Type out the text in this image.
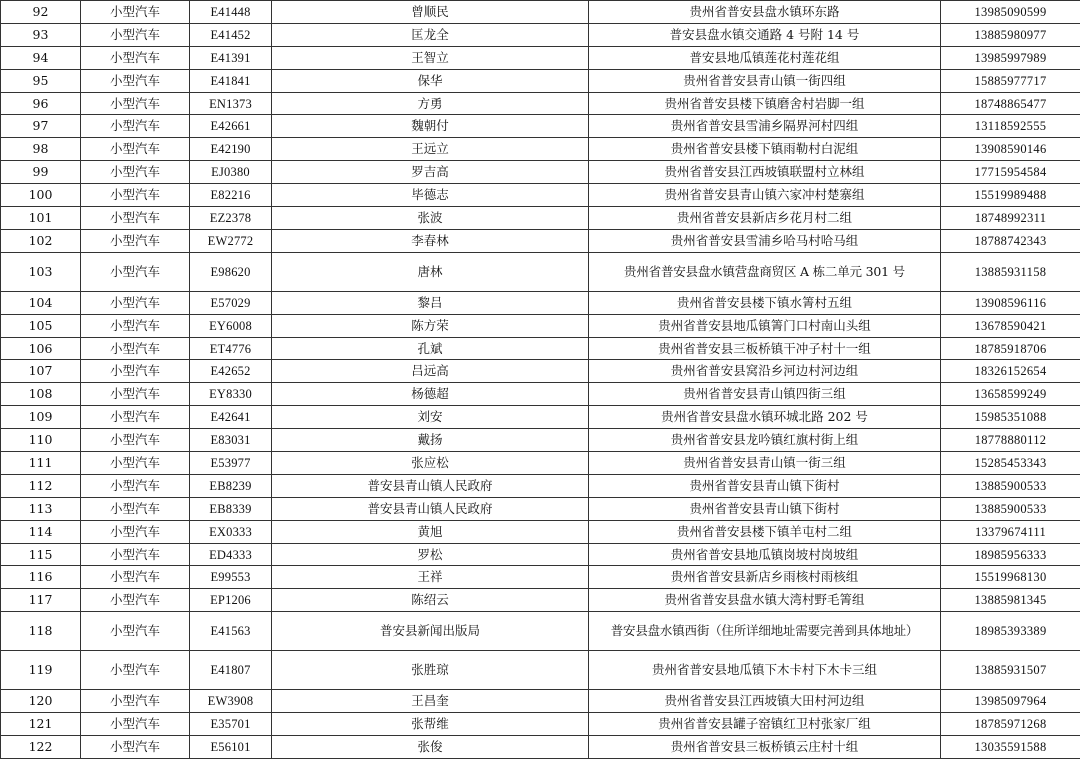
92	小型汽车	E41448	曾顺民	贵州省普安县盘水镇环东路	13985090599
93	小型汽车	E41452	匡龙全	普安县盘水镇交通路 4 号附 14 号	13885980977
94	小型汽车	E41391	王智立	普安县地瓜镇莲花村莲花组	13985997989
95	小型汽车	E41841	保华	贵州省普安县青山镇一街四组	15885977717
96	小型汽车	EN1373	方勇	贵州省普安县楼下镇磨舍村岩脚一组	18748865477
97	小型汽车	E42661	魏朝付	贵州省普安县雪浦乡隔界河村四组	13118592555
98	小型汽车	E42190	王远立	贵州省普安县楼下镇雨勒村白泥组	13908590146
99	小型汽车	EJ0380	罗吉高	贵州省普安县江西坡镇联盟村立林组	17715954584
100	小型汽车	E82216	毕德志	贵州省普安县青山镇六家冲村楚寨组	15519989488
101	小型汽车	EZ2378	张波	贵州省普安县新店乡花月村二组	18748992311
102	小型汽车	EW2772	李春林	贵州省普安县雪浦乡哈马村哈马组	18788742343
103	小型汽车	E98620	唐林	贵州省普安县盘水镇营盘商贸区 A 栋二单元 301 号	13885931158
104	小型汽车	E57029	黎吕	贵州省普安县楼下镇水箐村五组	13908596116
105	小型汽车	EY6008	陈方荣	贵州省普安县地瓜镇箐门口村南山头组	13678590421
106	小型汽车	ET4776	孔斌	贵州省普安县三板桥镇干冲子村十一组	18785918706
107	小型汽车	E42652	吕远高	贵州省普安县窝沿乡河边村河边组	18326152654
108	小型汽车	EY8330	杨德超	贵州省普安县青山镇四街三组	13658599249
109	小型汽车	E42641	刘安	贵州省普安县盘水镇环城北路 202 号	15985351088
110	小型汽车	E83031	戴扬	贵州省普安县龙吟镇红旗村街上组	18778880112
111	小型汽车	E53977	张应松	贵州省普安县青山镇一街三组	15285453343
112	小型汽车	EB8239	普安县青山镇人民政府	贵州省普安县青山镇下街村	13885900533
113	小型汽车	EB8339	普安县青山镇人民政府	贵州省普安县青山镇下街村	13885900533
114	小型汽车	EX0333	黄旭	贵州省普安县楼下镇羊屯村二组	13379674111
115	小型汽车	ED4333	罗松	贵州省普安县地瓜镇岗坡村岗坡组	18985956333
116	小型汽车	E99553	王祥	贵州省普安县新店乡雨核村雨核组	15519968130
117	小型汽车	EP1206	陈绍云	贵州省普安县盘水镇大湾村野毛箐组	13885981345
118	小型汽车	E41563	普安县新闻出版局	普安县盘水镇西街（住所详细地址需要完善到具体地址）	18985393389
119	小型汽车	E41807	张胜琼	贵州省普安县地瓜镇下木卡村下木卡三组	13885931507
120	小型汽车	EW3908	王昌奎	贵州省普安县江西坡镇大田村河边组	13985097964
121	小型汽车	E35701	张帮维	贵州省普安县罐子窑镇红卫村张家厂组	18785971268
122	小型汽车	E56101	张俊	贵州省普安县三板桥镇云庄村十组	13035591588
